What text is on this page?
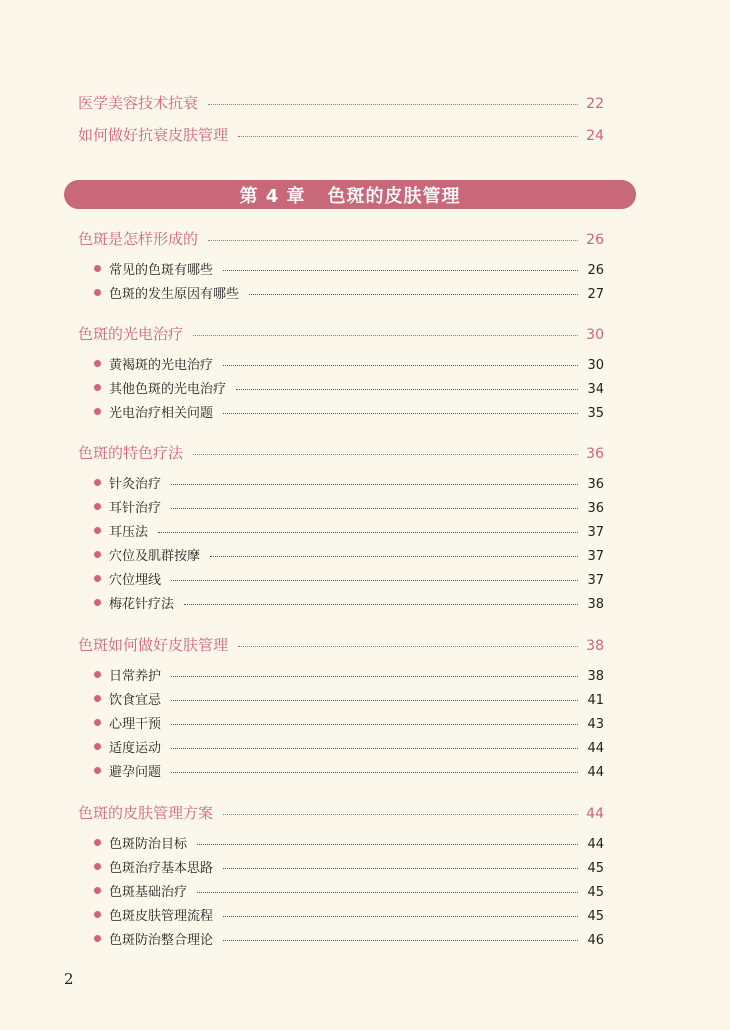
医学美容技术抗衰	22
如何做好抗衰皮肤管理	24
第 4 章 色斑的皮肤管理
色斑是怎样形成的	26
常见的色斑有哪些	26
色斑的发生原因有哪些	27
色斑的光电治疗	30
黄褐斑的光电治疗	30
其他色斑的光电治疗	34
光电治疗相关问题	35
色斑的特色疗法	36
针灸治疗	36
耳针治疗	36
耳压法	37
穴位及肌群按摩	37
穴位埋线	37
梅花针疗法	38
色斑如何做好皮肤管理	38
日常养护	38
饮食宜忌	41
心理干预	43
适度运动	44
避孕问题	44
色斑的皮肤管理方案	44
色斑防治目标	44
色斑治疗基本思路	45
色斑基础治疗	45
色斑皮肤管理流程	45
色斑防治整合理论	46
2
